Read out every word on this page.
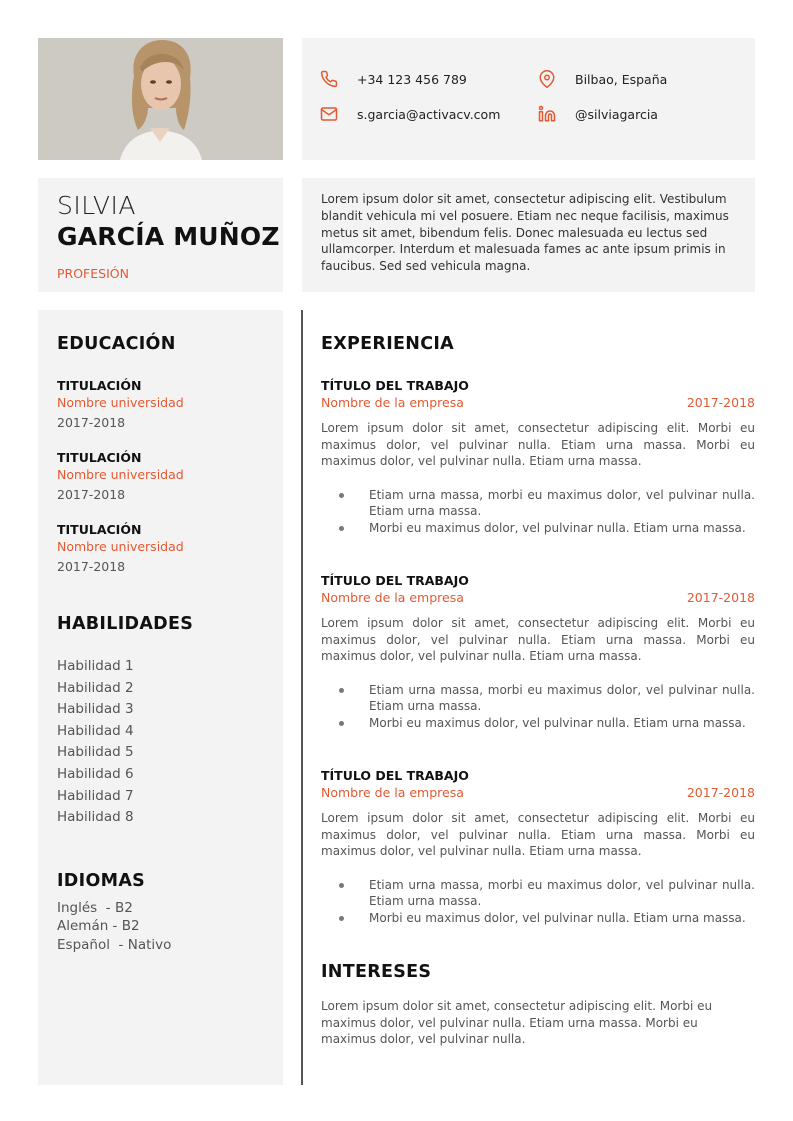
+34 123 456 789	Bilbao, España
s.garcia@activacv.com	@silviagarcia
SILVIA
GARCÍA MUÑOZ
PROFESIÓN

Lorem ipsum dolor sit amet, consectetur adipiscing elit. Vestibulum blandit vehicula mi vel posuere. Etiam nec neque facilisis, maximus metus sit amet, bibendum felis. Donec malesuada eu lectus sed ullamcorper. Interdum et malesuada fames ac ante ipsum primis in faucibus. Sed sed vehicula magna.

EDUCACIÓN
TITULACIÓN
Nombre universidad
2017-2018
TITULACIÓN
Nombre universidad
2017-2018
TITULACIÓN
Nombre universidad
2017-2018
HABILIDADES
Habilidad 1
Habilidad 2
Habilidad 3
Habilidad 4
Habilidad 5
Habilidad 6
Habilidad 7
Habilidad 8
IDIOMAS
Inglés  - B2
Alemán - B2
Español  - Nativo
EXPERIENCIA
TÍTULO DEL TRABAJO
Nombre de la empresa	2017-2018

Lorem ipsum dolor sit amet, consectetur adipiscing elit. Morbi eu maximus dolor, vel pulvinar nulla. Etiam urna massa. Morbi eu maximus dolor, vel pulvinar nulla. Etiam urna massa.

Etiam urna massa, morbi eu maximus dolor, vel pulvinar nulla. Etiam urna massa.
Morbi eu maximus dolor, vel pulvinar nulla. Etiam urna massa.
TÍTULO DEL TRABAJO
Nombre de la empresa	2017-2018

Lorem ipsum dolor sit amet, consectetur adipiscing elit. Morbi eu maximus dolor, vel pulvinar nulla. Etiam urna massa. Morbi eu maximus dolor, vel pulvinar nulla. Etiam urna massa.

Etiam urna massa, morbi eu maximus dolor, vel pulvinar nulla. Etiam urna massa.
Morbi eu maximus dolor, vel pulvinar nulla. Etiam urna massa.
TÍTULO DEL TRABAJO
Nombre de la empresa	2017-2018

Lorem ipsum dolor sit amet, consectetur adipiscing elit. Morbi eu maximus dolor, vel pulvinar nulla. Etiam urna massa. Morbi eu maximus dolor, vel pulvinar nulla. Etiam urna massa.

Etiam urna massa, morbi eu maximus dolor, vel pulvinar nulla. Etiam urna massa.
Morbi eu maximus dolor, vel pulvinar nulla. Etiam urna massa.
INTERESES

Lorem ipsum dolor sit amet, consectetur adipiscing elit. Morbi eu maximus dolor, vel pulvinar nulla. Etiam urna massa. Morbi eu maximus dolor, vel pulvinar nulla.
